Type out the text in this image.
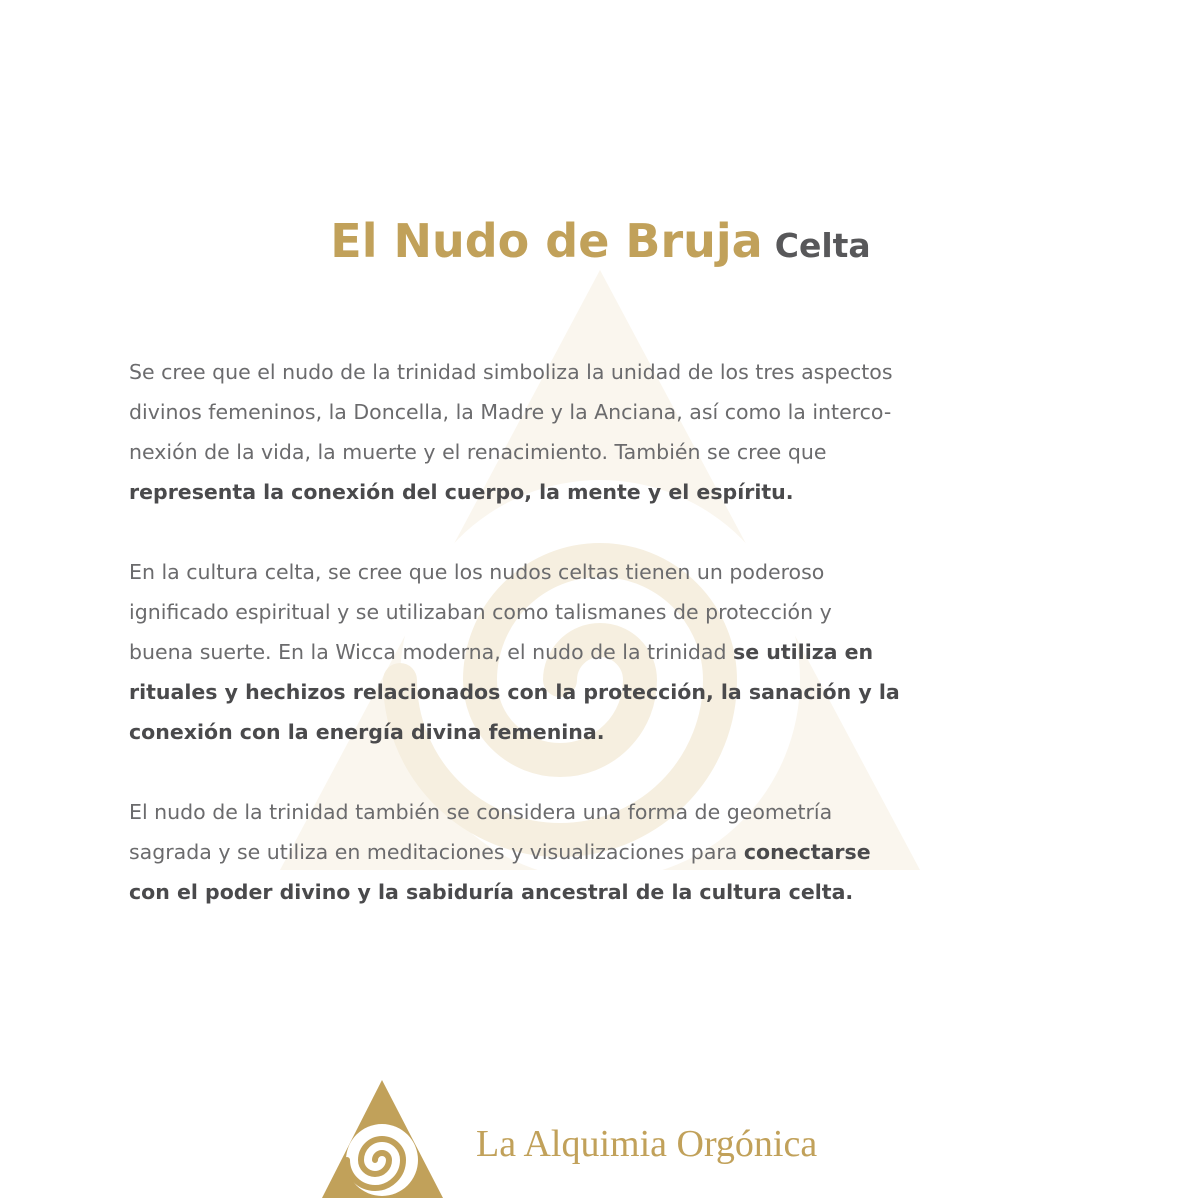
El Nudo de Bruja Celta

Se cree que el nudo de la trinidad simboliza la unidad de los tres aspectos
divinos femeninos, la Doncella, la Madre y la Anciana, así como la interco-
nexión de la vida, la muerte y el renacimiento. También se cree que
representa la conexión del cuerpo, la mente y el espíritu.

En la cultura celta, se cree que los nudos celtas tienen un poderoso
ignificado espiritual y se utilizaban como talismanes de protección y
buena suerte. En la Wicca moderna, el nudo de la trinidad se utiliza en
rituales y hechizos relacionados con la protección, la sanación y la
conexión con la energía divina femenina.

El nudo de la trinidad también se considera una forma de geometría
sagrada y se utiliza en meditaciones y visualizaciones para conectarse
con el poder divino y la sabiduría ancestral de la cultura celta.

La Alquimia Orgónica
